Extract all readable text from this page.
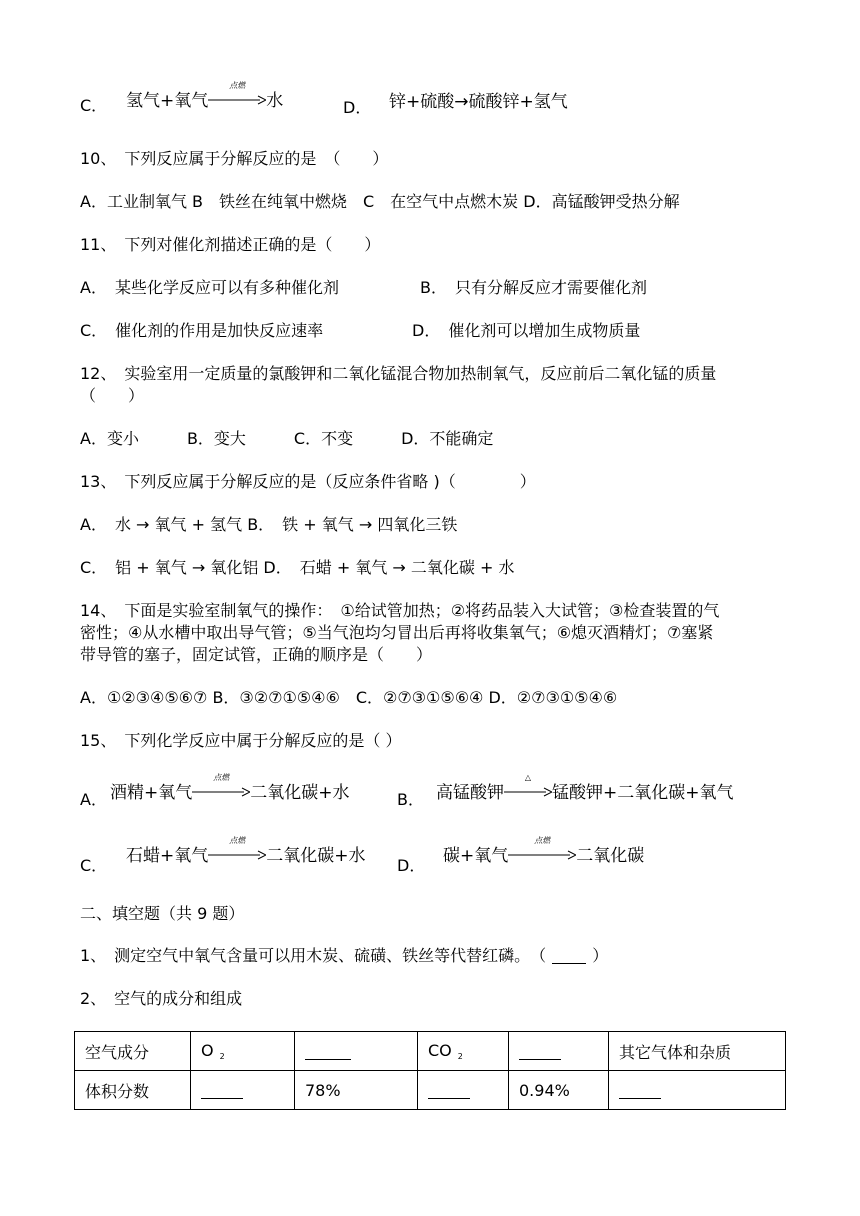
C． 氢气+氧气
点燃
水	D． 锌+硫酸→硫酸锌+氢气
10、　下列反应属于分解反应的是　（　　）
A．工业制氧气 B　铁丝在纯氧中燃烧　C　在空气中点燃木炭 D．高锰酸钾受热分解
11、　下列对催化剂描述正确的是（　　）
A．　某些化学反应可以有多种催化剂	B．　只有分解反应才需要催化剂
C．　催化剂的作用是加快反应速率	D．　催化剂可以增加生成物质量
12、　实验室用一定质量的氯酸钾和二氧化锰混合物加热制氧气，反应前后二氧化锰的质量
（　　）
A．变小　　　B．变大　　　C．不变　　　D．不能确定
13、　下列反应属于分解反应的是（反应条件省略 )（　　　　）
A．　水 → 氧气 + 氢气 B．　铁 + 氧气 → 四氧化三铁
C．　铝 + 氧气 → 氧化铝 D．　石蜡 + 氧气 → 二氧化碳 + 水
14、　下面是实验室制氧气的操作：　①给试管加热；②将药品装入大试管；③检查装置的气
密性；④从水槽中取出导气管；⑤当气泡均匀冒出后再将收集氧气；⑥熄灭酒精灯；⑦塞紧
带导管的塞子，固定试管，正确的顺序是（　　）
A．①②③④⑤⑥⑦ B．③②⑦①⑤④⑥　C．②⑦③①⑤⑥④ D．②⑦③①⑤④⑥
15、　下列化学反应中属于分解反应的是（ ）
A． 酒精+氧气
点燃
二氧化碳+水	B． 高锰酸钾
△
锰酸钾+二氧化碳+氧气
C． 石蜡+氧气
点燃
二氧化碳+水 D． 碳+氧气
点燃
二氧化碳
二、填空题（共 9 题）
1、　测定空气中氧气含量可以用木炭、硫磺、铁丝等代替红磷。　（	）
2、　空气的成分和组成
空气成分	O $_2$		CO $_2$		其它气体和杂质
体积分数		78%		0.94%	
